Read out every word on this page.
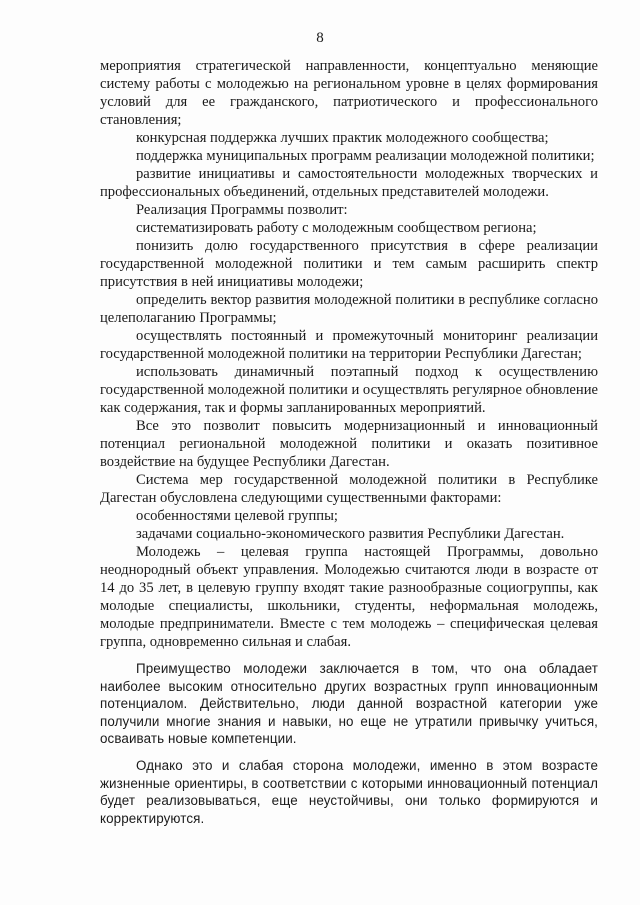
8

мероприятия стратегической направленности, концептуально меняющие систему работы с молодежью на региональном уровне в целях формирования условий для ее гражданского, патриотического и профессионального становления;

конкурсная поддержка лучших практик молодежного сообщества;

поддержка муниципальных программ реализации молодежной политики;

развитие инициативы и самостоятельности молодежных творческих и профессиональных объединений, отдельных представителей молодежи.

Реализация Программы позволит:

систематизировать работу с молодежным сообществом региона;

понизить долю государственного присутствия в сфере реализации государственной молодежной политики и тем самым расширить спектр присутствия в ней инициативы молодежи;

определить вектор развития молодежной политики в республике согласно целеполаганию Программы;

осуществлять постоянный и промежуточный мониторинг реализации государственной молодежной политики на территории Республики Дагестан;

использовать динамичный поэтапный подход к осуществлению государственной молодежной политики и осуществлять регулярное обновление как содержания, так и формы запланированных мероприятий.

Все это позволит повысить модернизационный и инновационный потенциал региональной молодежной политики и оказать позитивное воздействие на будущее Республики Дагестан.

Система мер государственной молодежной политики в Республике Дагестан обусловлена следующими существенными факторами:

особенностями целевой группы;

задачами социально-экономического развития Республики Дагестан.

Молодежь – целевая группа настоящей Программы, довольно неоднородный объект управления. Молодежью считаются люди в возрасте от 14 до 35 лет, в целевую группу входят такие разнообразные социогруппы, как молодые специалисты, школьники, студенты, неформальная молодежь, молодые предприниматели. Вместе с тем молодежь – специфическая целевая группа, одновременно сильная и слабая.

Преимущество молодежи заключается в том, что она обладает наиболее высоким относительно других возрастных групп инновационным потенциалом. Действительно, люди данной возрастной категории уже получили многие знания и навыки, но еще не утратили привычку учиться, осваивать новые компетенции.

Однако это и слабая сторона молодежи, именно в этом возрасте жизненные ориентиры, в соответствии с которыми инновационный потенциал будет реализовываться, еще неустойчивы, они только формируются и корректируются.
